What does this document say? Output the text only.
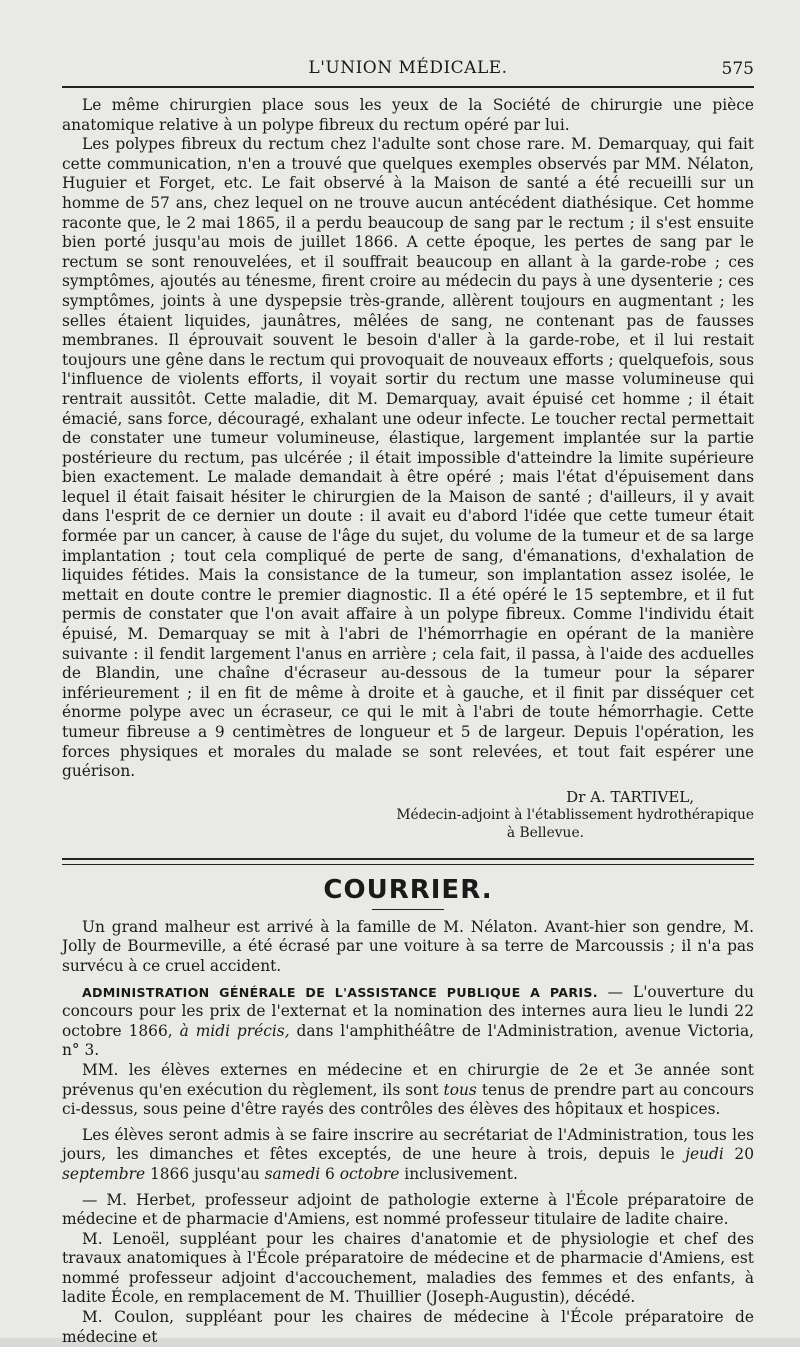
L'UNION MÉDICALE.	575

Le même chirurgien place sous les yeux de la Société de chirurgie une pièce anatomique relative à un polype fibreux du rectum opéré par lui.

Les polypes fibreux du rectum chez l'adulte sont chose rare. M. Demarquay, qui fait cette communication, n'en a trouvé que quelques exemples observés par MM. Nélaton, Huguier et Forget, etc. Le fait observé à la Maison de santé a été recueilli sur un homme de 57 ans, chez lequel on ne trouve aucun antécédent diathésique. Cet homme raconte que, le 2 mai 1865, il a perdu beaucoup de sang par le rectum ; il s'est ensuite bien porté jusqu'au mois de juillet 1866. A cette époque, les pertes de sang par le rectum se sont renouvelées, et il souffrait beaucoup en allant à la garde-robe ; ces symptômes, ajoutés au ténesme, firent croire au médecin du pays à une dysenterie ; ces symptômes, joints à une dyspepsie très-grande, allèrent toujours en augmentant ; les selles étaient liquides, jaunâtres, mêlées de sang, ne contenant pas de fausses membranes. Il éprouvait souvent le besoin d'aller à la garde-robe, et il lui restait toujours une gêne dans le rectum qui provoquait de nouveaux efforts ; quelquefois, sous l'influence de violents efforts, il voyait sortir du rectum une masse volumineuse qui rentrait aussitôt. Cette maladie, dit M. Demarquay, avait épuisé cet homme ; il était émacié, sans force, découragé, exhalant une odeur infecte. Le toucher rectal permettait de constater une tumeur volumineuse, élastique, largement implantée sur la partie postérieure du rectum, pas ulcérée ; il était impossible d'atteindre la limite supérieure bien exactement. Le malade demandait à être opéré ; mais l'état d'épuisement dans lequel il était faisait hésiter le chirurgien de la Maison de santé ; d'ailleurs, il y avait dans l'esprit de ce dernier un doute : il avait eu d'abord l'idée que cette tumeur était formée par un cancer, à cause de l'âge du sujet, du volume de la tumeur et de sa large implantation ; tout cela compliqué de perte de sang, d'émanations, d'exhalation de liquides fétides. Mais la consistance de la tumeur, son implantation assez isolée, le mettait en doute contre le premier diagnostic. Il a été opéré le 15 septembre, et il fut permis de constater que l'on avait affaire à un polype fibreux. Comme l'individu était épuisé, M. Demarquay se mit à l'abri de l'hémorrhagie en opérant de la manière suivante : il fendit largement l'anus en arrière ; cela fait, il passa, à l'aide des acduelles de Blandin, une chaîne d'écraseur au-dessous de la tumeur pour la séparer inférieurement ; il en fit de même à droite et à gauche, et il finit par disséquer cet énorme polype avec un écraseur, ce qui le mit à l'abri de toute hémorrhagie. Cette tumeur fibreuse a 9 centimètres de longueur et 5 de largeur. Depuis l'opération, les forces physiques et morales du malade se sont relevées, et tout fait espérer une guérison.

Dr A. TARTIVEL,
Médecin-adjoint à l'établissement hydrothérapique
à Bellevue.
COURRIER.

Un grand malheur est arrivé à la famille de M. Nélaton. Avant-hier son gendre, M. Jolly de Bourmeville, a été écrasé par une voiture à sa terre de Marcoussis ; il n'a pas survécu à ce cruel accident.

ADMINISTRATION GÉNÉRALE DE L'ASSISTANCE PUBLIQUE A PARIS. — L'ouverture du concours pour les prix de l'externat et la nomination des internes aura lieu le lundi 22 octobre 1866, à midi précis, dans l'amphithéâtre de l'Administration, avenue Victoria, n° 3.

MM. les élèves externes en médecine et en chirurgie de 2e et 3e année sont prévenus qu'en exécution du règlement, ils sont tous tenus de prendre part au concours ci-dessus, sous peine d'être rayés des contrôles des élèves des hôpitaux et hospices.

Les élèves seront admis à se faire inscrire au secrétariat de l'Administration, tous les jours, les dimanches et fêtes exceptés, de une heure à trois, depuis le jeudi 20 septembre 1866 jusqu'au samedi 6 octobre inclusivement.

— M. Herbet, professeur adjoint de pathologie externe à l'École préparatoire de médecine et de pharmacie d'Amiens, est nommé professeur titulaire de ladite chaire.

M. Lenoël, suppléant pour les chaires d'anatomie et de physiologie et chef des travaux anatomiques à l'École préparatoire de médecine et de pharmacie d'Amiens, est nommé professeur adjoint d'accouchement, maladies des femmes et des enfants, à ladite École, en remplacement de M. Thuillier (Joseph-Augustin), décédé.

M. Coulon, suppléant pour les chaires de médecine à l'École préparatoire de médecine et
